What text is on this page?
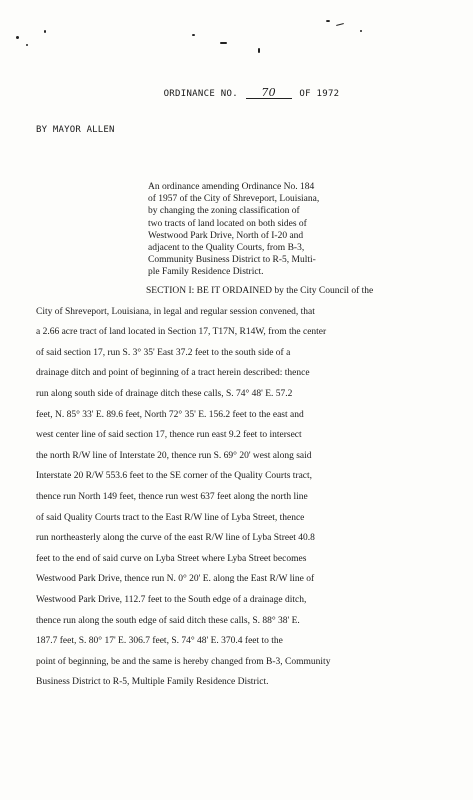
ORDINANCE NO. 70	OF 1972
BY MAYOR ALLEN
An ordinance amending Ordinance No. 184
of 1957 of the City of Shreveport, Louisiana,
by changing the zoning classification of
two tracts of land located on both sides of
Westwood Park Drive, North of I-20 and
adjacent to the Quality Courts, from B-3,
Community Business District to R-5, Multi-
ple Family Residence District.
SECTION I: BE IT ORDAINED by the City Council of the
City of Shreveport, Louisiana, in legal and regular session convened, that
a 2.66 acre tract of land located in Section 17, T17N, R14W, from the center
of said section 17, run S. 3° 35' East 37.2 feet to the south side of a
drainage ditch and point of beginning of a tract herein described: thence
run along south side of drainage ditch these calls, S. 74° 48' E. 57.2
feet, N. 85° 33' E. 89.6 feet, North 72° 35' E. 156.2 feet to the east and
west center line of said section 17, thence run east 9.2 feet to intersect
the north R/W line of Interstate 20, thence run S. 69° 20' west along said
Interstate 20 R/W 553.6 feet to the SE corner of the Quality Courts tract,
thence run North 149 feet, thence run west 637 feet along the north line
of said Quality Courts tract to the East R/W line of Lyba Street, thence
run northeasterly along the curve of the east R/W line of Lyba Street 40.8
feet to the end of said curve on Lyba Street where Lyba Street becomes
Westwood Park Drive, thence run N. 0° 20' E. along the East R/W line of
Westwood Park Drive, 112.7 feet to the South edge of a drainage ditch,
thence run along the south edge of said ditch these calls, S. 88° 38' E.
187.7 feet, S. 80° 17' E. 306.7 feet, S. 74° 48' E. 370.4 feet to the
point of beginning, be and the same is hereby changed from B-3, Community
Business District to R-5, Multiple Family Residence District.
